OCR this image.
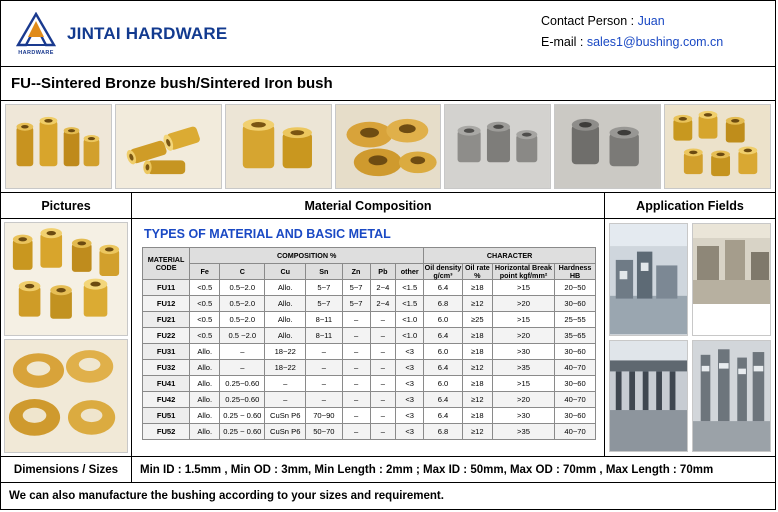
HARDWARE
JINTAI HARDWARE
Contact Person : Juan
E-mail : sales1@bushing.com.cn
FU--Sintered Bronze bush/Sintered Iron bush
Pictures	Material Composition	Application Fields
TYPES OF MATERIAL AND BASIC METAL
MATERIAL CODE	COMPOSITION %							CHARACTER			
	Fe	C	Cu	Sn	Zn	Pb	other	Oil density g/cm³	Oil rate %	Horizontal Break point kgf/mm²	Hardness HB
FU11	<0.5	0.5~2.0	Allo.	5~7	5~7	2~4	<1.5	6.4	≥18	>15	20~50
FU12	<0.5	0.5~2.0	Allo.	5~7	5~7	2~4	<1.5	6.8	≥12	>20	30~60
FU21	<0.5	0.5~2.0	Allo.	8~11	–	–	<1.0	6.0	≥25	>15	25~55
FU22	<0.5	0.5 ~2.0	Allo.	8~11	–	–	<1.0	6.4	≥18	>20	35~65
FU31	Allo.	–	18~22	–	–	–	<3	6.0	≥18	>30	30~60
FU32	Allo.	–	18~22	–	–	–	<3	6.4	≥12	>35	40~70
FU41	Allo.	0.25~0.60	–	–	–	–	<3	6.0	≥18	>15	30~60
FU42	Allo.	0.25~0.60	–	–	–	–	<3	6.4	≥12	>20	40~70
FU51	Allo.	0.25 ~ 0.60	CuSn P6	70~90	–	–	<3	6.4	≥18	>30	30~60
FU52	Allo.	0.25 ~ 0.60	CuSn P6	50~70	–	–	<3	6.8	≥12	>35	40~70
Dimensions / Sizes	Min ID : 1.5mm , Min OD : 3mm, Min Length : 2mm ; Max ID : 50mm, Max OD : 70mm , Max Length : 70mm
We can also manufacture the bushing according to your sizes and requirement.
